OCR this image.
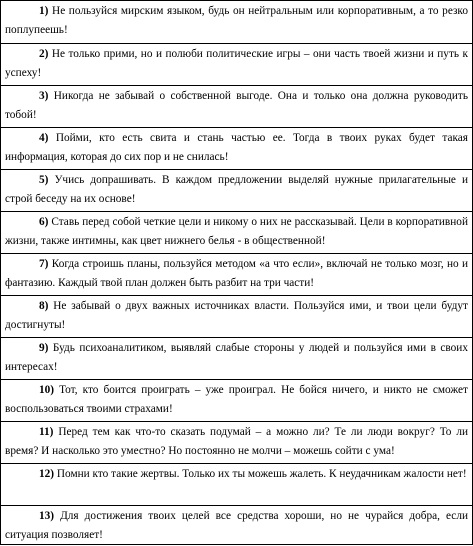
1) Не пользуйся мирским языком, будь он нейтральным или корпоративным, а то резко поплупеешь!
2) Не только прими, но и полюби политические игры – они часть твоей жизни и путь к успеху!
3) Никогда не забывай о собственной выгоде. Она и только она должна руководить тобой!
4) Пойми, кто есть свита и стань частью ее. Тогда в твоих руках будет такая информация, которая до сих пор и не снилась!
5) Учись допрашивать. В каждом предложении выделяй нужные прилагательные и строй беседу на их основе!
6) Ставь перед собой четкие цели и никому о них не рассказывай. Цели в корпоративной жизни, также интимны, как цвет нижнего белья - в общественной!
7) Когда строишь планы, пользуйся методом «а что если», включай не только мозг, но и фантазию. Каждый твой план должен быть разбит на три части!
8) Не забывай о двух важных источниках власти. Пользуйся ими, и твои цели будут достигнуты!
9) Будь психоаналитиком, выявляй слабые стороны у людей и пользуйся ими в своих интересах!
10) Тот, кто боится проиграть – уже проиграл. Не бойся ничего, и никто не сможет воспользоваться твоими страхами!
11) Перед тем как что-то сказать подумай – а можно ли? Те ли люди вокруг? То ли время? И насколько это уместно? Но постоянно не молчи – можешь сойти с ума!
12) Помни кто такие жертвы. Только их ты можешь жалеть. К неудачникам жалости нет!
13) Для достижения твоих целей все средства хороши, но не чурайся добра, если ситуация позволяет!
